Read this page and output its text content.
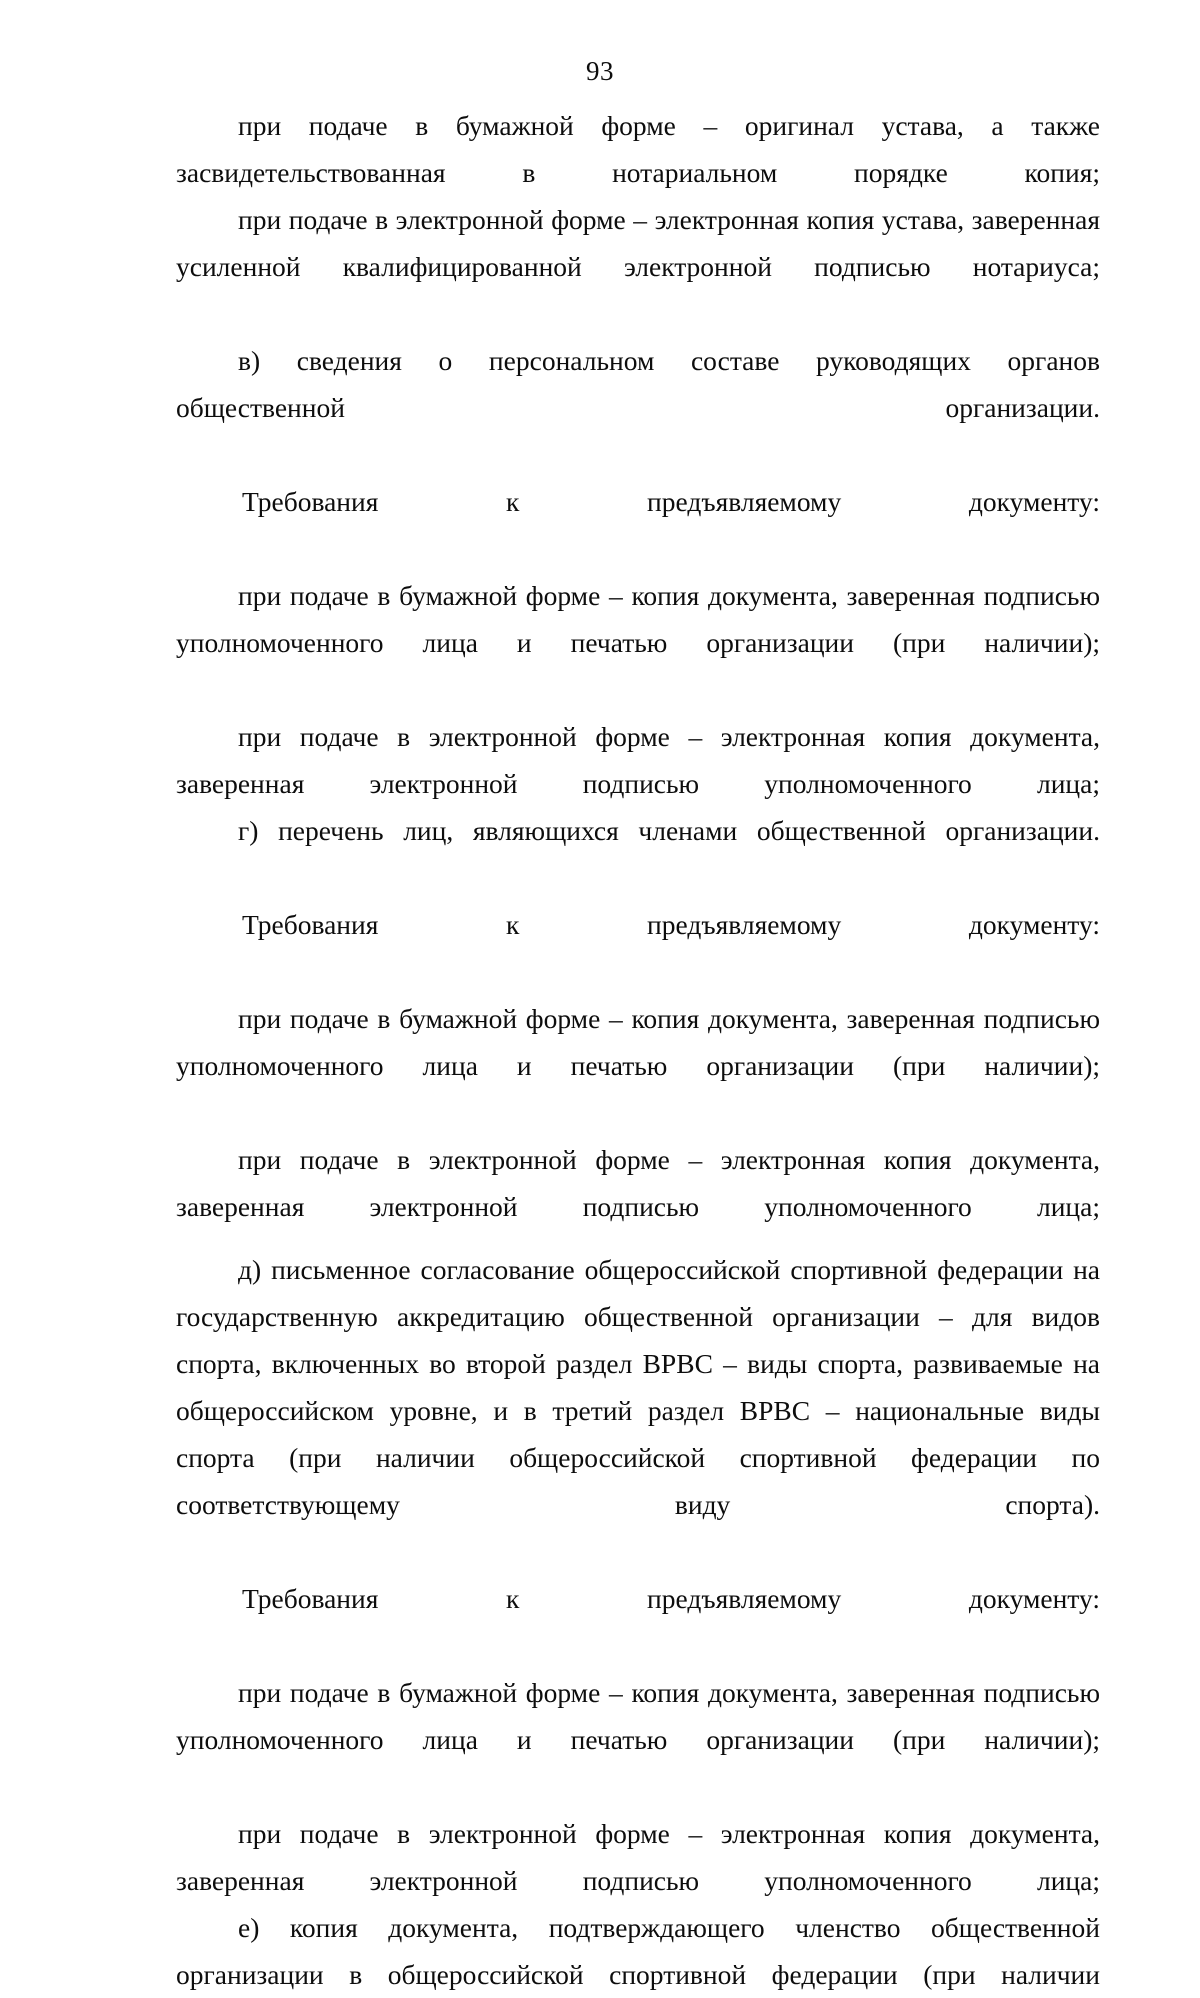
93

при подаче в бумажной форме – оригинал устава, а также засвидетельствованная в нотариальном порядке копия;

при подаче в электронной форме – электронная копия устава, заверенная усиленной квалифицированной электронной подписью нотариуса;

в) сведения о персональном составе руководящих органов общественной организации.

Требования к предъявляемому документу:

при подаче в бумажной форме – копия документа, заверенная подписью уполномоченного лица и печатью организации (при наличии);

при подаче в электронной форме – электронная копия документа, заверенная электронной подписью уполномоченного лица;

г) перечень лиц, являющихся членами общественной организации.

Требования к предъявляемому документу:

при подаче в бумажной форме – копия документа, заверенная подписью уполномоченного лица и печатью организации (при наличии);

при подаче в электронной форме – электронная копия документа, заверенная электронной подписью уполномоченного лица;

д) письменное согласование общероссийской спортивной федерации на государственную аккредитацию общественной организации – для видов спорта, включенных во второй раздел ВРВС – виды спорта, развиваемые на общероссийском уровне, и в третий раздел ВРВС – национальные виды спорта (при наличии общероссийской спортивной федерации по соответствующему виду спорта).

Требования к предъявляемому документу:

при подаче в бумажной форме – копия документа, заверенная подписью уполномоченного лица и печатью организации (при наличии);

при подаче в электронной форме – электронная копия документа, заверенная электронной подписью уполномоченного лица;

е) копия документа, подтверждающего членство общественной организации в общероссийской спортивной федерации (при наличии
